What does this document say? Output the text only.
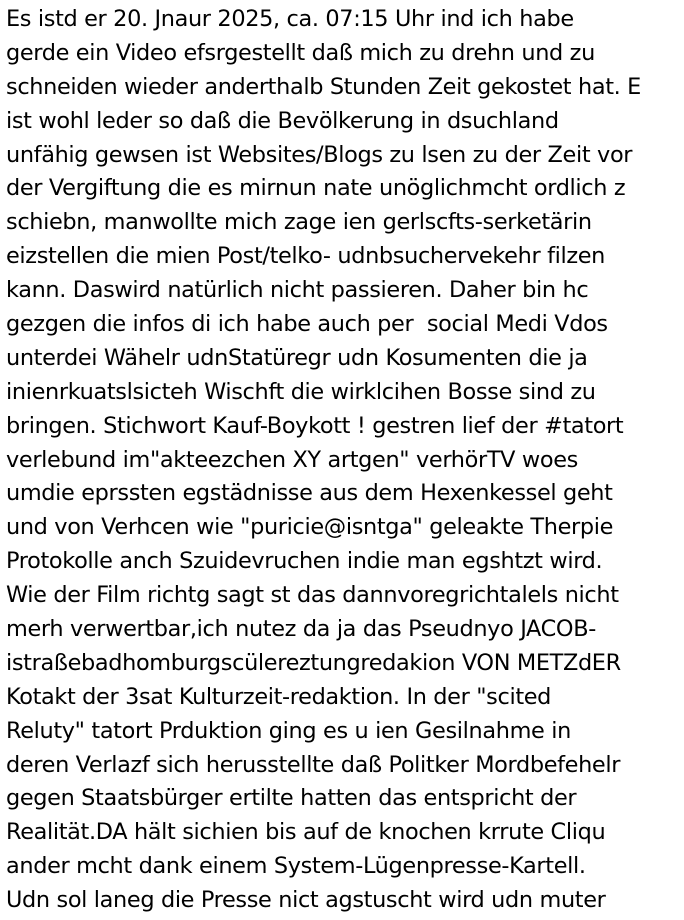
Es istd er 20. Jnaur 2025, ca. 07:15 Uhr ind ich habe
gerde ein Video efsrgestellt daß mich zu drehn und zu
schneiden wieder anderthalb Stunden Zeit gekostet hat. E
ist wohl leder so daß die Bevölkerung in dsuchland
unfähig gewsen ist Websites/Blogs zu lsen zu der Zeit vor
der Vergiftung die es mirnun nate unöglichmcht ordlich z
schiebn, manwollte mich zage ien gerlscfts-serketärin
eizstellen die mien Post/telko- udnbsuchervekehr filzen
kann. Daswird natürlich nicht passieren. Daher bin hc
gezgen die infos di ich habe auch per  social Medi Vdos
unterdei Wähelr udnStatüregr udn Kosumenten die ja
inienrkuatslsicteh Wischft die wirklcihen Bosse sind zu
bringen. Stichwort Kauf-Boykott ! gestren lief der #tatort
verlebund im"akteezchen XY artgen" verhörTV woes
umdie eprssten egstädnisse aus dem Hexenkessel geht
und von Verhcen wie "puricie@isntga" geleakte Therpie
Protokolle anch Szuidevruchen indie man egshtzt wird.
Wie der Film richtg sagt st das dannvoregrichtalels nicht
merh verwertbar,ich nutez da ja das Pseudnyo JACOB-
istraßebadhomburgscülereztungredakion VON METZdER
Kotakt der 3sat Kulturzeit-redaktion. In der "scited
Reluty" tatort Prduktion ging es u ien Gesilnahme in
deren Verlazf sich herusstellte daß Politker Mordbefehelr
gegen Staatsbürger ertilte hatten das entspricht der
Realität.DA hält sichien bis auf de knochen krrute Cliqu
ander mcht dank einem System-Lügenpresse-Kartell.
Udn sol laneg die Presse nict agstuscht wird udn muter
